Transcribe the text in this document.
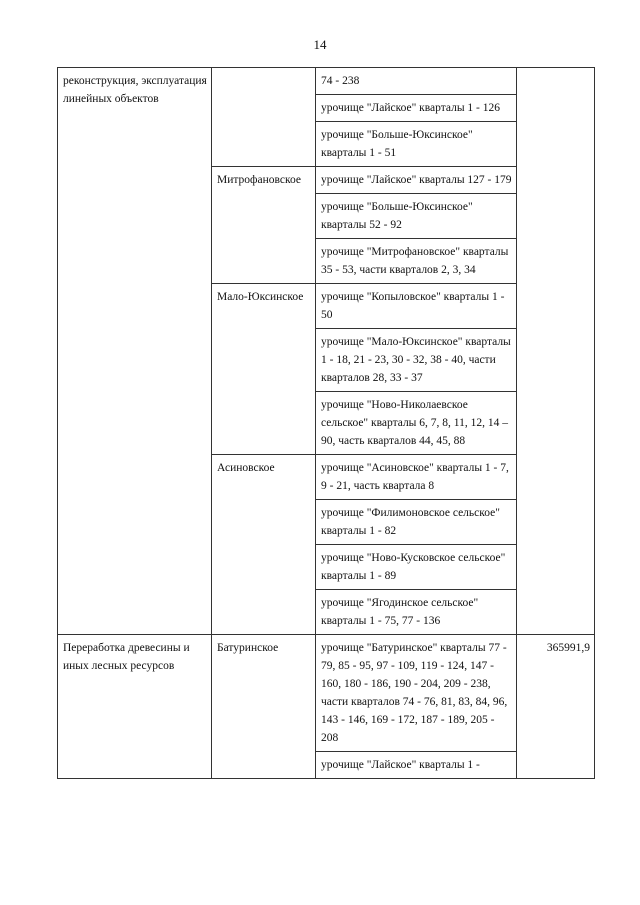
14
реконструкция, эксплуатация линейных объектов		74 - 238	
		урочище "Лайское" кварталы 1 - 126	
		урочище "Больше-Юксинское" кварталы 1 - 51	
	Митрофановское	урочище "Лайское" кварталы 127 - 179	
		урочище "Больше-Юксинское" кварталы 52 - 92	
		урочище "Митрофановское" кварталы 35 - 53, части кварталов 2, 3, 34	
	Мало-Юксинское	урочище "Копыловское" кварталы 1 - 50	
		урочище "Мало-Юксинское" кварталы 1 - 18, 21 - 23, 30 - 32, 38 - 40, части кварталов 28, 33 - 37	
		урочище "Ново-Николаевское сельское" кварталы 6, 7, 8, 11, 12, 14 – 90, часть кварталов 44, 45, 88	
	Асиновское	урочище "Асиновское" кварталы 1 - 7, 9 - 21, часть квартала 8	
		урочище "Филимоновское сельское" кварталы 1 - 82	
		урочище "Ново-Кусковское сельское" кварталы 1 - 89	
		урочище "Ягодинское сельское" кварталы 1 - 75, 77 - 136	
Переработка древесины и иных лесных ресурсов	Батуринское	урочище "Батуринское" кварталы 77 - 79, 85 - 95, 97 - 109, 119 - 124, 147 - 160, 180 - 186, 190 - 204, 209 - 238, части кварталов 74 - 76, 81, 83, 84, 96, 143 - 146, 169 - 172, 187 - 189, 205 - 208	365991,9
		урочище "Лайское" кварталы 1 -	
